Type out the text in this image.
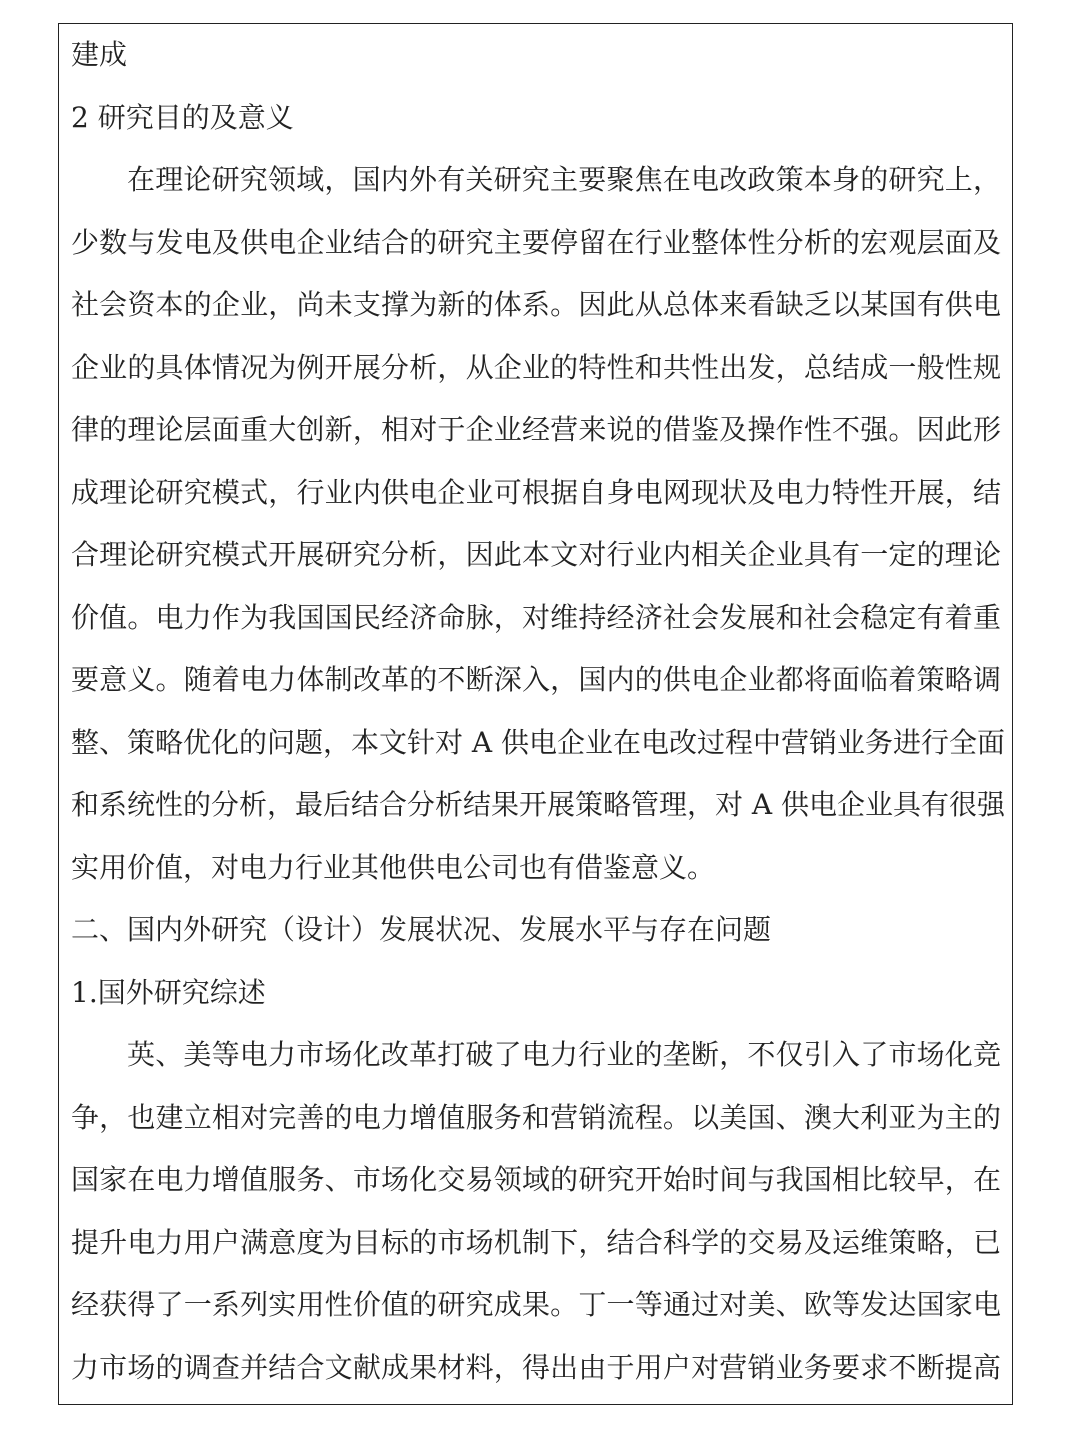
建成
2 研究目的及意义
在理论研究领域，国内外有关研究主要聚焦在电改政策本身的研究上，
少数与发电及供电企业结合的研究主要停留在行业整体性分析的宏观层面及
社会资本的企业，尚未支撑为新的体系。因此从总体来看缺乏以某国有供电
企业的具体情况为例开展分析，从企业的特性和共性出发，总结成一般性规
律的理论层面重大创新，相对于企业经营来说的借鉴及操作性不强。因此形
成理论研究模式，行业内供电企业可根据自身电网现状及电力特性开展，结
合理论研究模式开展研究分析，因此本文对行业内相关企业具有一定的理论
价值。电力作为我国国民经济命脉，对维持经济社会发展和社会稳定有着重
要意义。随着电力体制改革的不断深入，国内的供电企业都将面临着策略调
整、策略优化的问题，本文针对 A 供电企业在电改过程中营销业务进行全面
和系统性的分析，最后结合分析结果开展策略管理，对 A 供电企业具有很强
实用价值，对电力行业其他供电公司也有借鉴意义。
二、国内外研究（设计）发展状况、发展水平与存在问题
1.国外研究综述
英、美等电力市场化改革打破了电力行业的垄断，不仅引入了市场化竞
争，也建立相对完善的电力增值服务和营销流程。以美国、澳大利亚为主的
国家在电力增值服务、市场化交易领域的研究开始时间与我国相比较早，在
提升电力用户满意度为目标的市场机制下，结合科学的交易及运维策略，已
经获得了一系列实用性价值的研究成果。丁一等通过对美、欧等发达国家电
力市场的调查并结合文献成果材料，得出由于用户对营销业务要求不断提高
